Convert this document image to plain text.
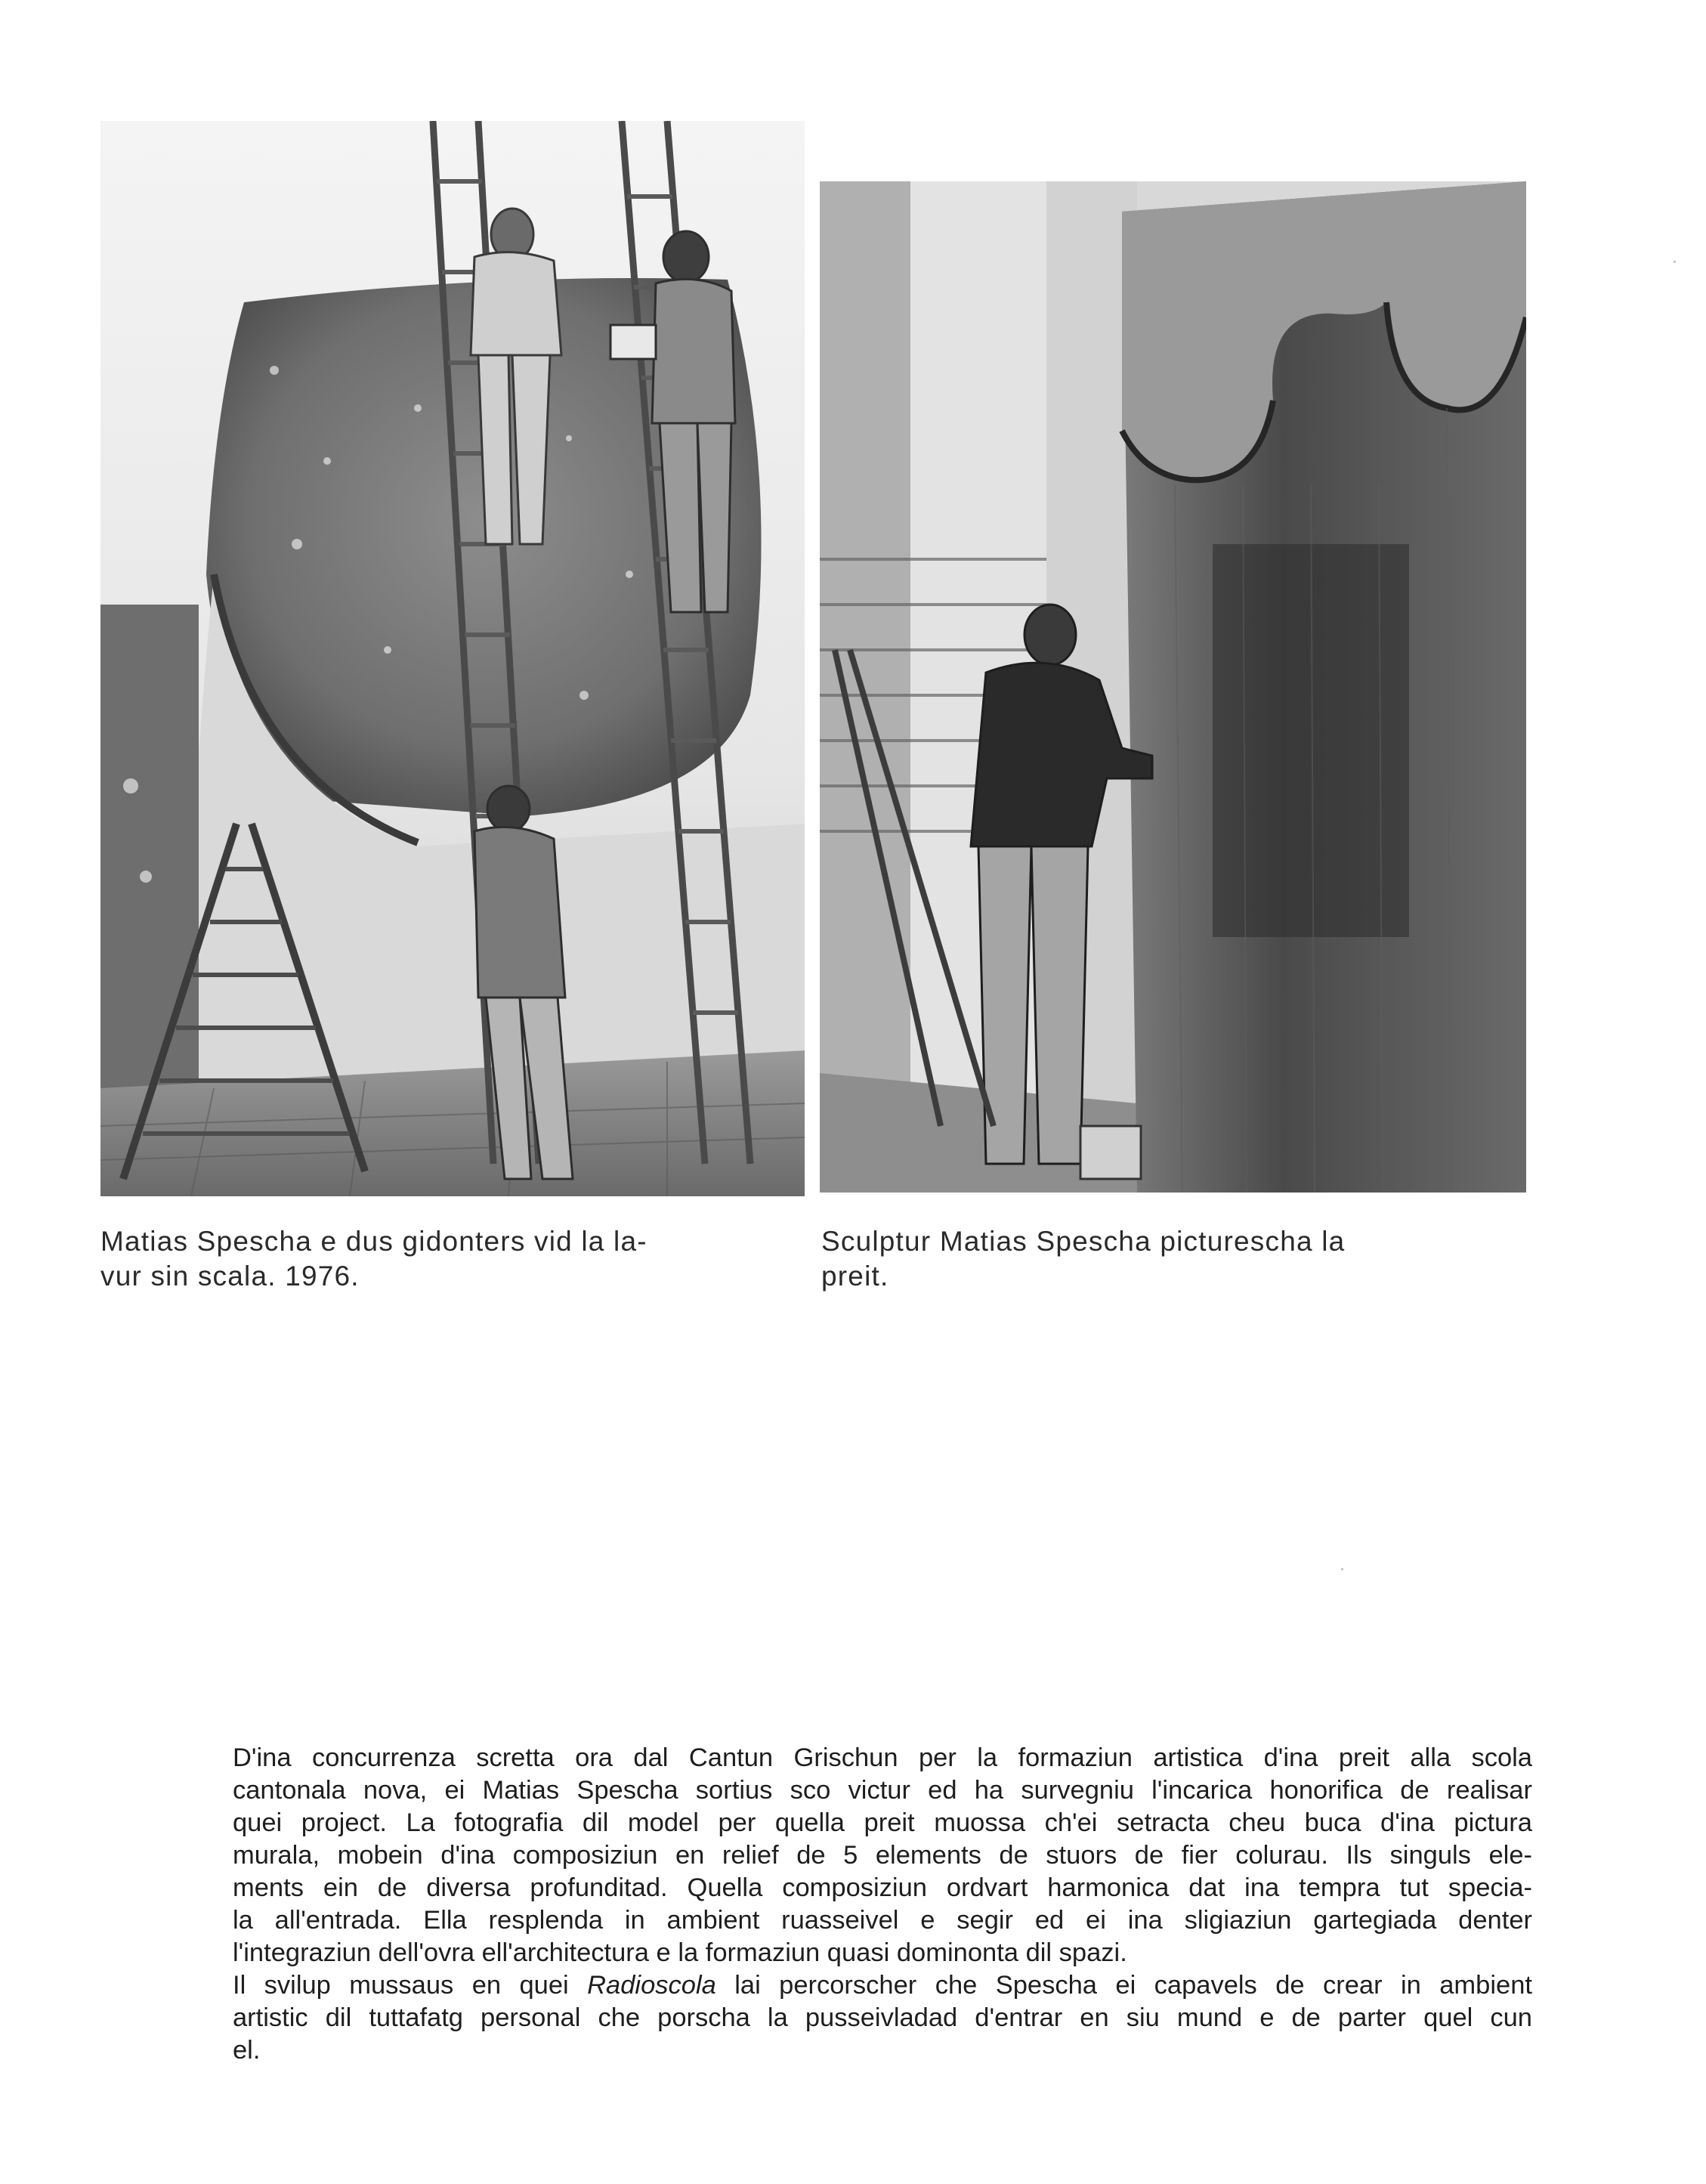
Matias Spescha e dus gidonters vid la la-
vur sin scala. 1976.

Sculptur Matias Spescha picturescha la
preit.

D'ina concurrenza scretta ora dal Cantun Grischun per la formaziun artistica d'ina preit alla scola
cantonala nova, ei Matias Spescha sortius sco victur ed ha survegniu l'incarica honorifica de realisar
quei project. La fotografia dil model per quella preit muossa ch'ei setracta cheu buca d'ina pictura
murala, mobein d'ina composiziun en relief de 5 elements de stuors de fier colurau. Ils singuls ele-
ments ein de diversa profunditad. Quella composiziun ordvart harmonica dat ina tempra tut specia-
la all'entrada. Ella resplenda in ambient ruasseivel e segir ed ei ina sligiaziun gartegiada denter
l'integraziun dell'ovra ell'architectura e la formaziun quasi dominonta dil spazi.
Il svilup mussaus en quei Radioscola lai percorscher che Spescha ei capavels de crear in ambient
artistic dil tuttafatg personal che porscha la pusseivladad d'entrar en siu mund e de parter quel cun
el.
